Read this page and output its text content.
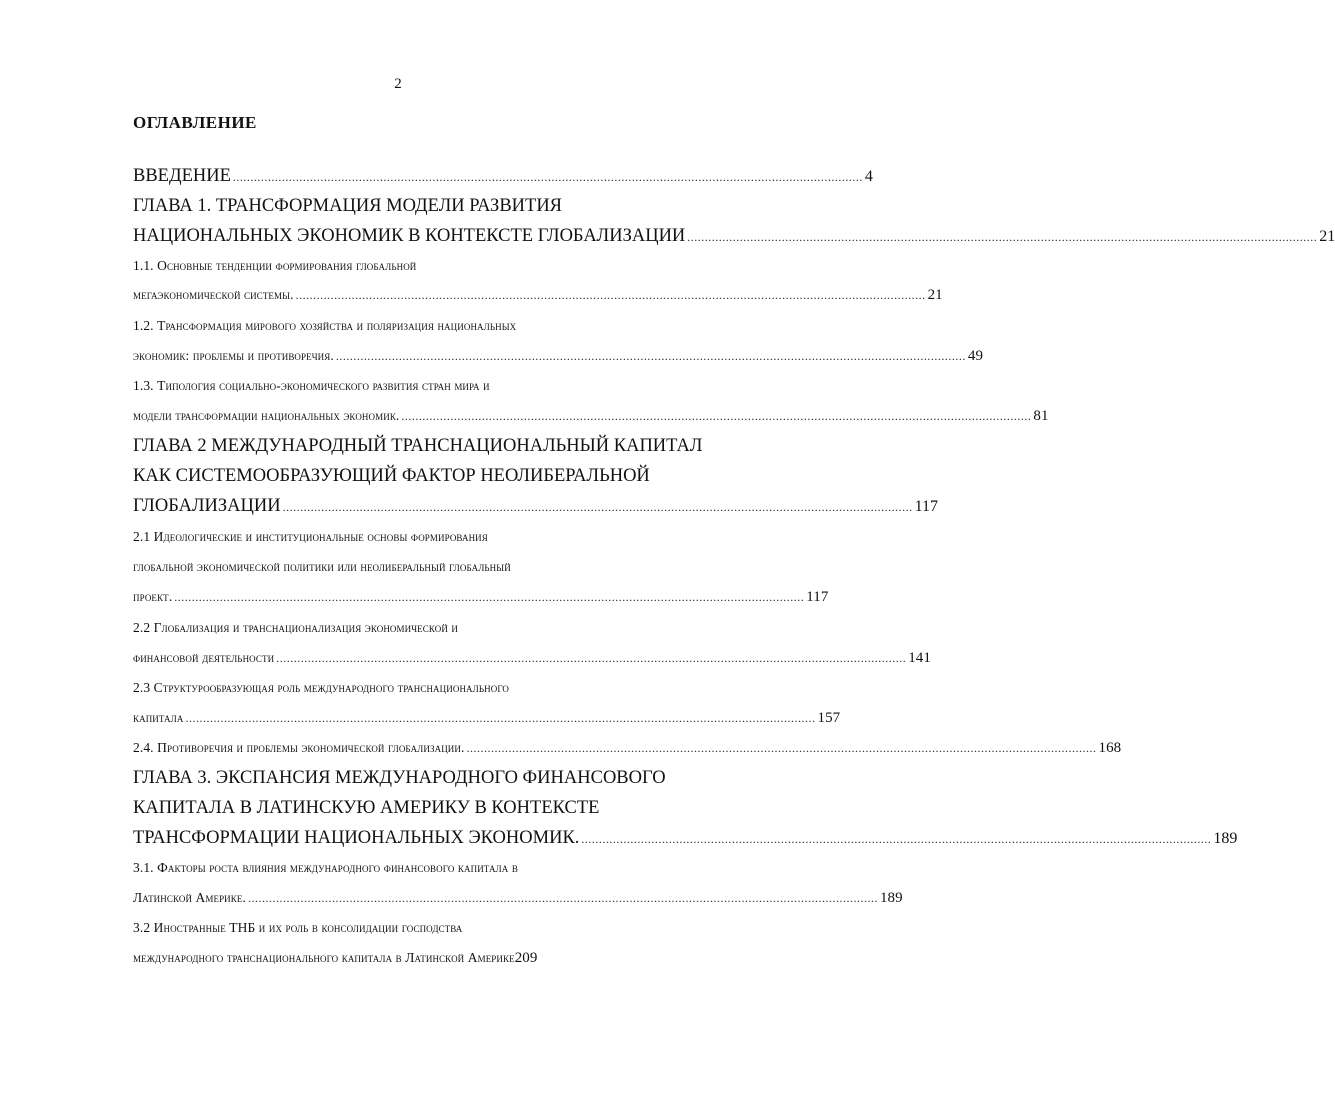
2
ОГЛАВЛЕНИЕ
ВВЕДЕНИЕ .................................................................................................................................................................................... 4
ГЛАВА 1. ТРАНСФОРМАЦИЯ МОДЕЛИ РАЗВИТИЯ
НАЦИОНАЛЬНЫХ ЭКОНОМИК В КОНТЕКСТЕ ГЛОБАЛИЗАЦИИ .................................................................................................................................................................................... 21
1.1. Основные тенденции формирования глобальной
мегаэкономической системы. .................................................................................................................................................................................... 21
1.2. Трансформация мирового хозяйства и поляризация национальных
экономик: проблемы и противоречия. .................................................................................................................................................................................... 49
1.3. Типология социально-экономического развития стран мира и
модели трансформации национальных экономик. .................................................................................................................................................................................... 81
ГЛАВА 2 МЕЖДУНАРОДНЫЙ ТРАНСНАЦИОНАЛЬНЫЙ КАПИТАЛ
КАК СИСТЕМООБРАЗУЮЩИЙ ФАКТОР НЕОЛИБЕРАЛЬНОЙ
ГЛОБАЛИЗАЦИИ .................................................................................................................................................................................... 117
2.1 Идеологические и институциональные основы формирования
глобальной экономической политики или неолиберальный глобальный
проект. .................................................................................................................................................................................... 117
2.2 Глобализация и транснационализация экономической и
финансовой деятельности .................................................................................................................................................................................... 141
2.3 Структурообразующая роль международного транснационального
капитала .................................................................................................................................................................................... 157
2.4. Противоречия и проблемы экономической глобализации. .................................................................................................................................................................................... 168
ГЛАВА 3. ЭКСПАНСИЯ МЕЖДУНАРОДНОГО ФИНАНСОВОГО
КАПИТАЛА В ЛАТИНСКУЮ АМЕРИКУ В КОНТЕКСТЕ
ТРАНСФОРМАЦИИ НАЦИОНАЛЬНЫХ ЭКОНОМИК. .................................................................................................................................................................................... 189
3.1. Факторы роста влияния международного финансового капитала в
Латинской Америке. .................................................................................................................................................................................... 189
3.2 Иностранные ТНБ и их роль в консолидации господства
международного транснационального капитала в Латинской Америке 209
